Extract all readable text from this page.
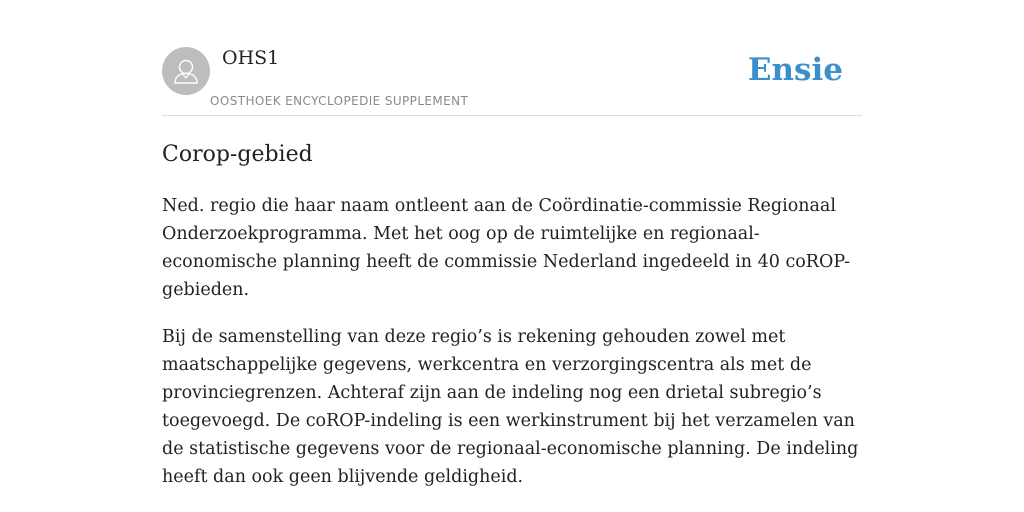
OHS1
OOSTHOEK ENCYCLOPEDIE SUPPLEMENT
Ensie
Corop-gebied

Ned. regio die haar naam ontleent aan de Coördinatie-commissie Regionaal Onderzoekprogramma. Met het oog op de ruimtelijke en regionaal-economische planning heeft de commissie Nederland ingedeeld in 40 coROP-gebieden.

Bij de samenstelling van deze regio’s is rekening gehouden zowel met maatschappelijke gegevens, werkcentra en verzorgingscentra als met de provinciegrenzen. Achteraf zijn aan de indeling nog een drietal subregio’s toegevoegd. De coROP-indeling is een werkinstrument bij het verzamelen van de statistische gegevens voor de regionaal-economische planning. De indeling heeft dan ook geen blijvende geldigheid.
